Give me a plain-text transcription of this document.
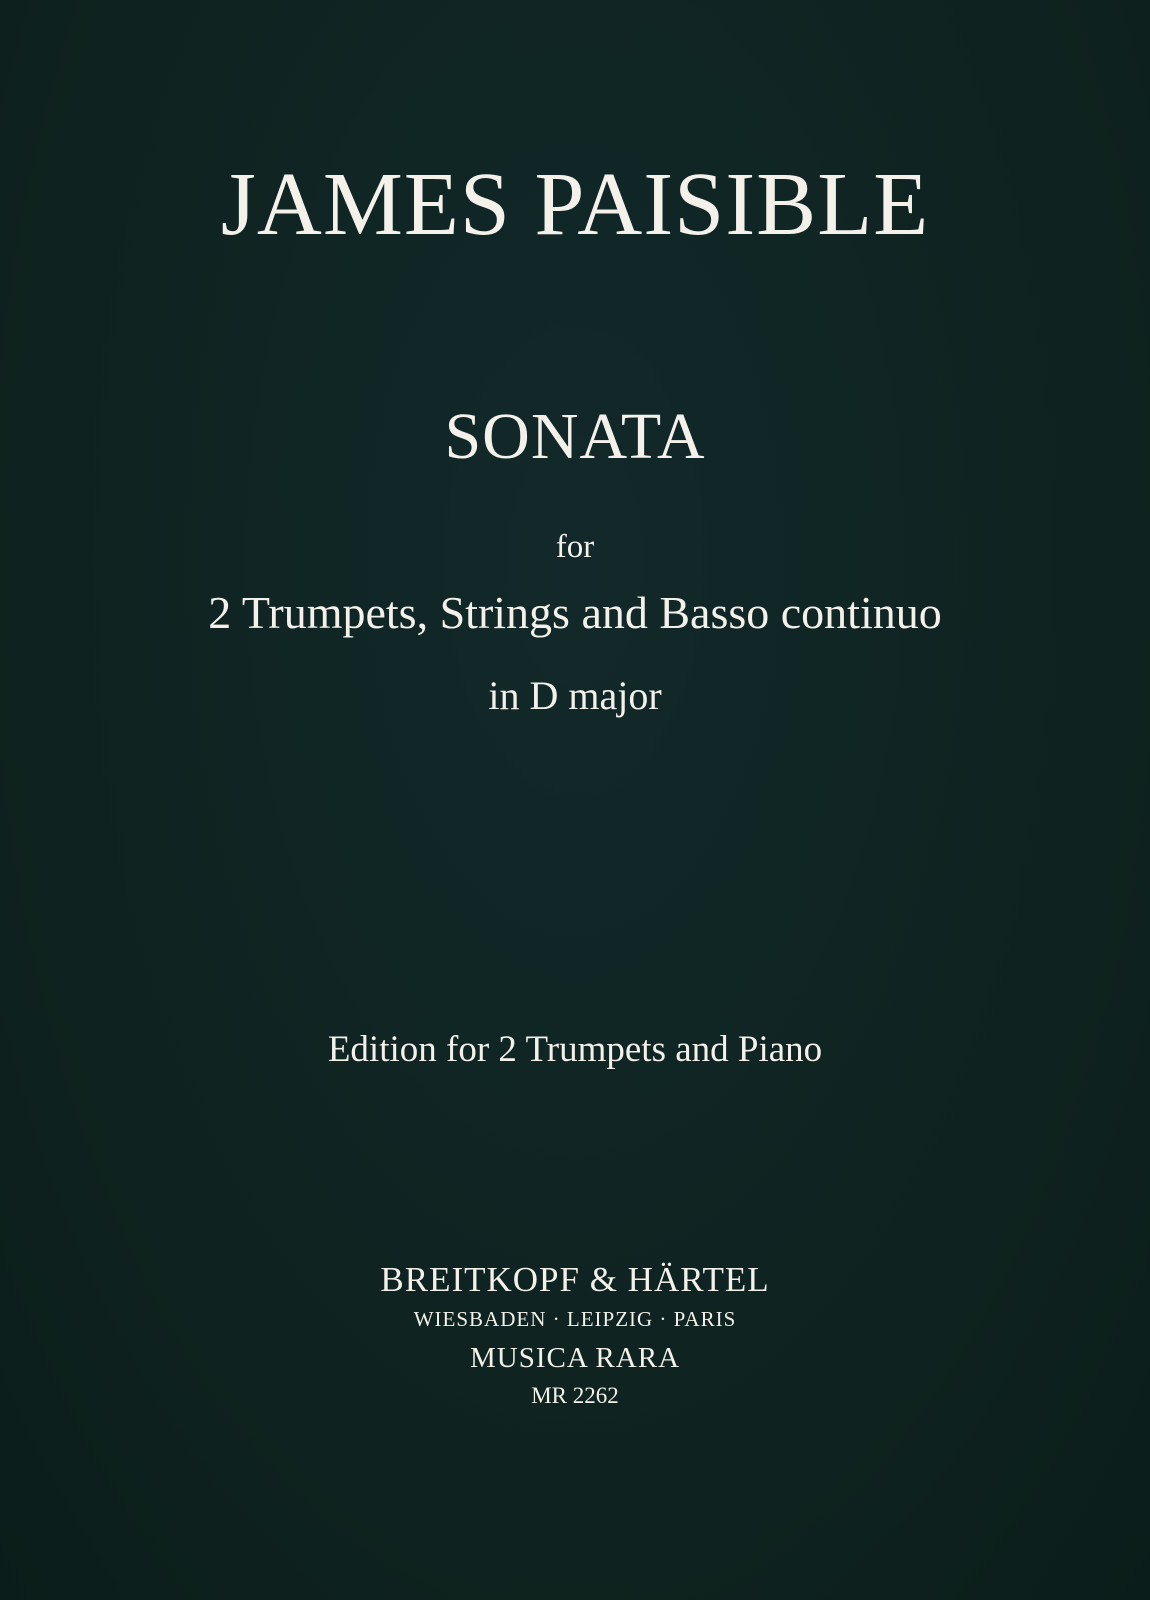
JAMES PAISIBLE
SONATA
for
2 Trumpets, Strings and Basso continuo
in D major
Edition for 2 Trumpets and Piano
BREITKOPF & HÄRTEL
WIESBADEN · LEIPZIG · PARIS
MUSICA RARA
MR 2262
